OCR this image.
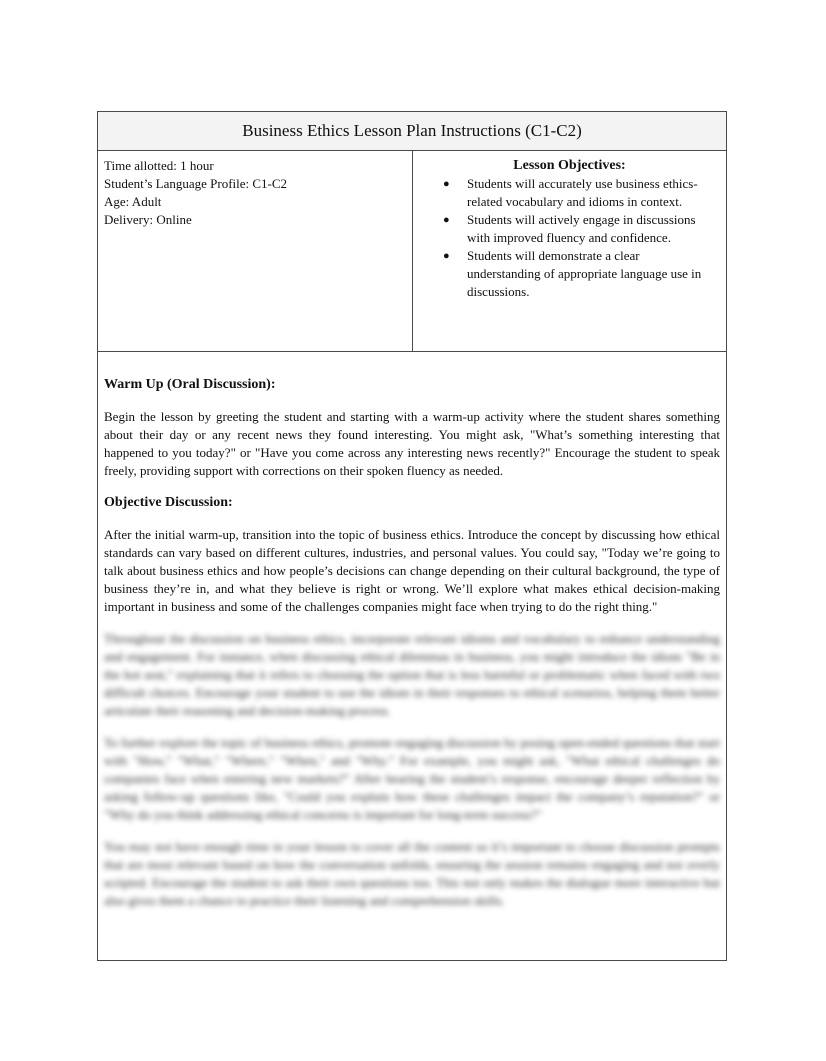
Business Ethics Lesson Plan Instructions (C1-C2)
Time allotted: 1 hour
Student’s Language Profile: C1-C2
Age: Adult
Delivery: Online
Lesson Objectives:
● Students will accurately use business ethics-related vocabulary and idioms in context.
● Students will actively engage in discussions with improved fluency and confidence.
● Students will demonstrate a clear understanding of appropriate language use in discussions.
Warm Up (Oral Discussion):

Begin the lesson by greeting the student and starting with a warm-up activity where the student shares something about their day or any recent news they found interesting. You might ask, "What’s something interesting that happened to you today?" or "Have you come across any interesting news recently?" Encourage the student to speak freely, providing support with corrections on their spoken fluency as needed.

Objective Discussion:

After the initial warm-up, transition into the topic of business ethics. Introduce the concept by discussing how ethical standards can vary based on different cultures, industries, and personal values. You could say, "Today we’re going to talk about business ethics and how people’s decisions can change depending on their cultural background, the type of business they’re in, and what they believe is right or wrong. We’ll explore what makes ethical decision-making important in business and some of the challenges companies might face when trying to do the right thing."

Throughout the discussion on business ethics, incorporate relevant idioms and vocabulary to enhance understanding and engagement. For instance, when discussing ethical dilemmas in business, you might introduce the idiom "Be in the hot seat," explaining that it refers to choosing the option that is less harmful or problematic when faced with two difficult choices. Encourage your student to use the idiom in their responses to ethical scenarios, helping them better articulate their reasoning and decision-making process.

To further explore the topic of business ethics, promote engaging discussion by posing open-ended questions that start with "How," "What," "Where," "When," and "Why." For example, you might ask, "What ethical challenges do companies face when entering new markets?" After hearing the student’s response, encourage deeper reflection by asking follow-up questions like, "Could you explain how these challenges impact the company’s reputation?" or "Why do you think addressing ethical concerns is important for long-term success?"

You may not have enough time in your lesson to cover all the content so it’s important to choose discussion prompts that are most relevant based on how the conversation unfolds, ensuring the session remains engaging and not overly scripted. Encourage the student to ask their own questions too. This not only makes the dialogue more interactive but also gives them a chance to practice their listening and comprehension skills.
